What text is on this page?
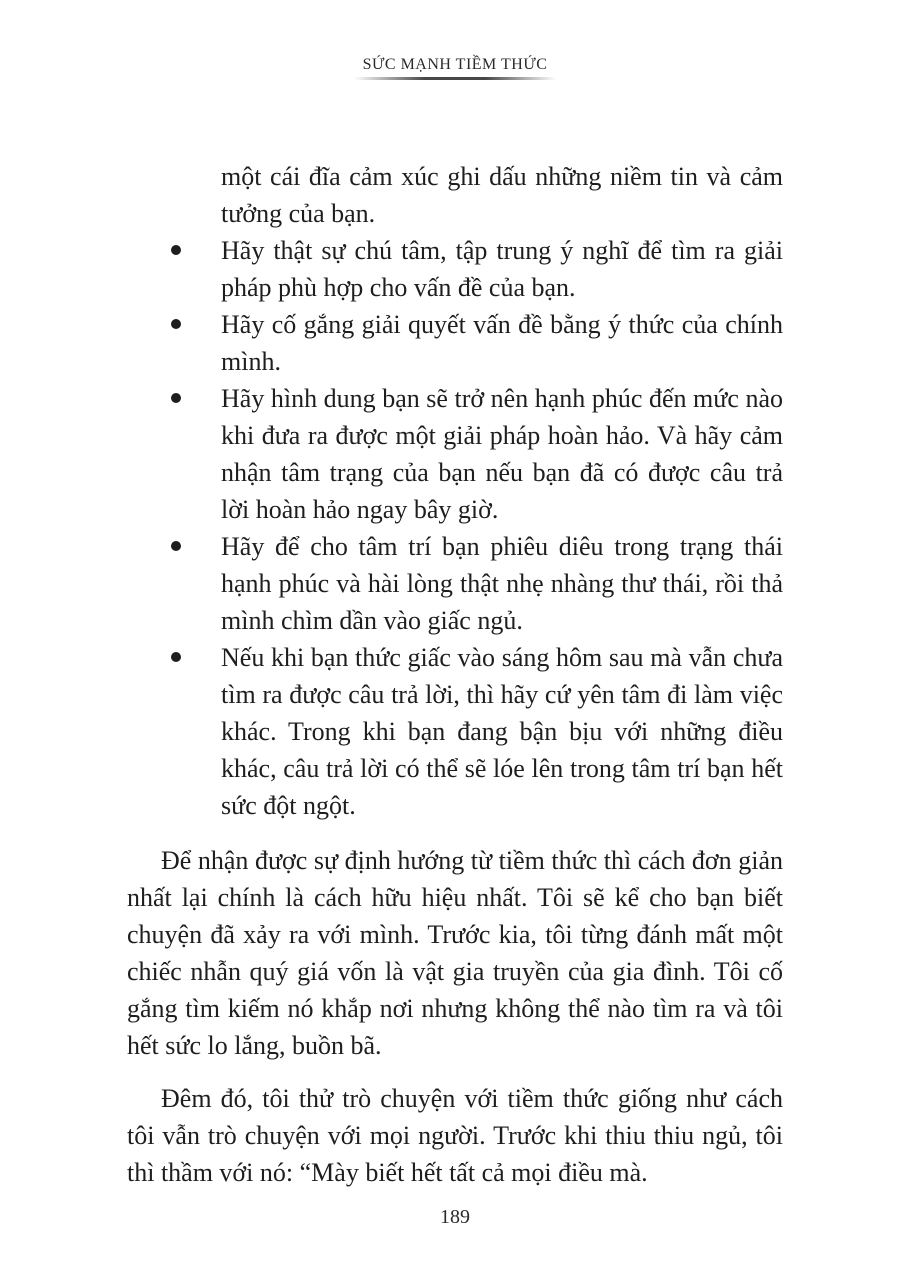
SỨC MẠNH TIỀM THỨC

một cái đĩa cảm xúc ghi dấu những niềm tin và cảm tưởng của bạn.

Hãy thật sự chú tâm, tập trung ý nghĩ để tìm ra giải pháp phù hợp cho vấn đề của bạn.
Hãy cố gắng giải quyết vấn đề bằng ý thức của chính mình.
Hãy hình dung bạn sẽ trở nên hạnh phúc đến mức nào khi đưa ra được một giải pháp hoàn hảo. Và hãy cảm nhận tâm trạng của bạn nếu bạn đã có được câu trả lời hoàn hảo ngay bây giờ.
Hãy để cho tâm trí bạn phiêu diêu trong trạng thái hạnh phúc và hài lòng thật nhẹ nhàng thư thái, rồi thả mình chìm dần vào giấc ngủ.
Nếu khi bạn thức giấc vào sáng hôm sau mà vẫn chưa tìm ra được câu trả lời, thì hãy cứ yên tâm đi làm việc khác. Trong khi bạn đang bận bịu với những điều khác, câu trả lời có thể sẽ lóe lên trong tâm trí bạn hết sức đột ngột.

Để nhận được sự định hướng từ tiềm thức thì cách đơn giản nhất lại chính là cách hữu hiệu nhất. Tôi sẽ kể cho bạn biết chuyện đã xảy ra với mình. Trước kia, tôi từng đánh mất một chiếc nhẫn quý giá vốn là vật gia truyền của gia đình. Tôi cố gắng tìm kiếm nó khắp nơi nhưng không thể nào tìm ra và tôi hết sức lo lắng, buồn bã.

Đêm đó, tôi thử trò chuyện với tiềm thức giống như cách tôi vẫn trò chuyện với mọi người. Trước khi thiu thiu ngủ, tôi thì thầm với nó: “Mày biết hết tất cả mọi điều mà.

189
